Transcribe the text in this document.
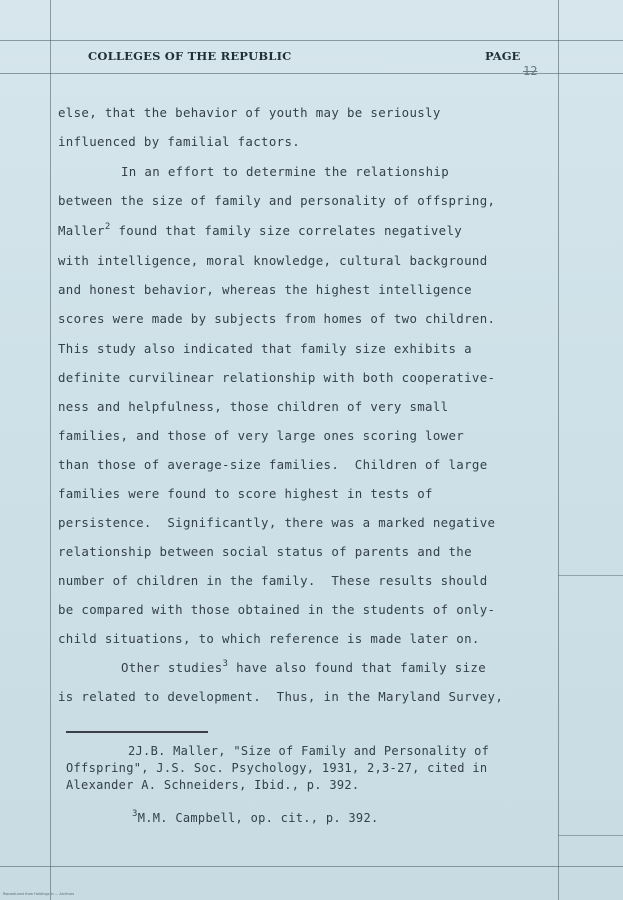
COLLEGES OF THE REPUBLIC	PAGE
12

else, that the behavior of youth may be seriously

influenced by familial factors.

In an effort to determine the relationship

between the size of family and personality of offspring,

Maller$^2$ found that family size correlates negatively

with intelligence, moral knowledge, cultural background

and honest behavior, whereas the highest intelligence

scores were made by subjects from homes of two children.

This study also indicated that family size exhibits a

definite curvilinear relationship with both cooperative-

ness and helpfulness, those children of very small

families, and those of very large ones scoring lower

than those of average-size families.  Children of large

families were found to score highest in tests of

persistence.  Significantly, there was a marked negative

relationship between social status of parents and the

number of children in the family.  These results should

be compared with those obtained in the students of only-

child situations, to which reference is made later on.

Other studies$^3$ have also found that family size

is related to development.  Thus, in the Maryland Survey,

2J.B. Maller, "Size of Family and Personality of
Offspring", J.S. Soc. Psychology, 1931, 2,3-27, cited in
Alexander A. Schneiders, Ibid., p. 392.
$^3$M.M. Campbell, op. cit., p. 392.
Reproduced from Holdings in ... Archives
